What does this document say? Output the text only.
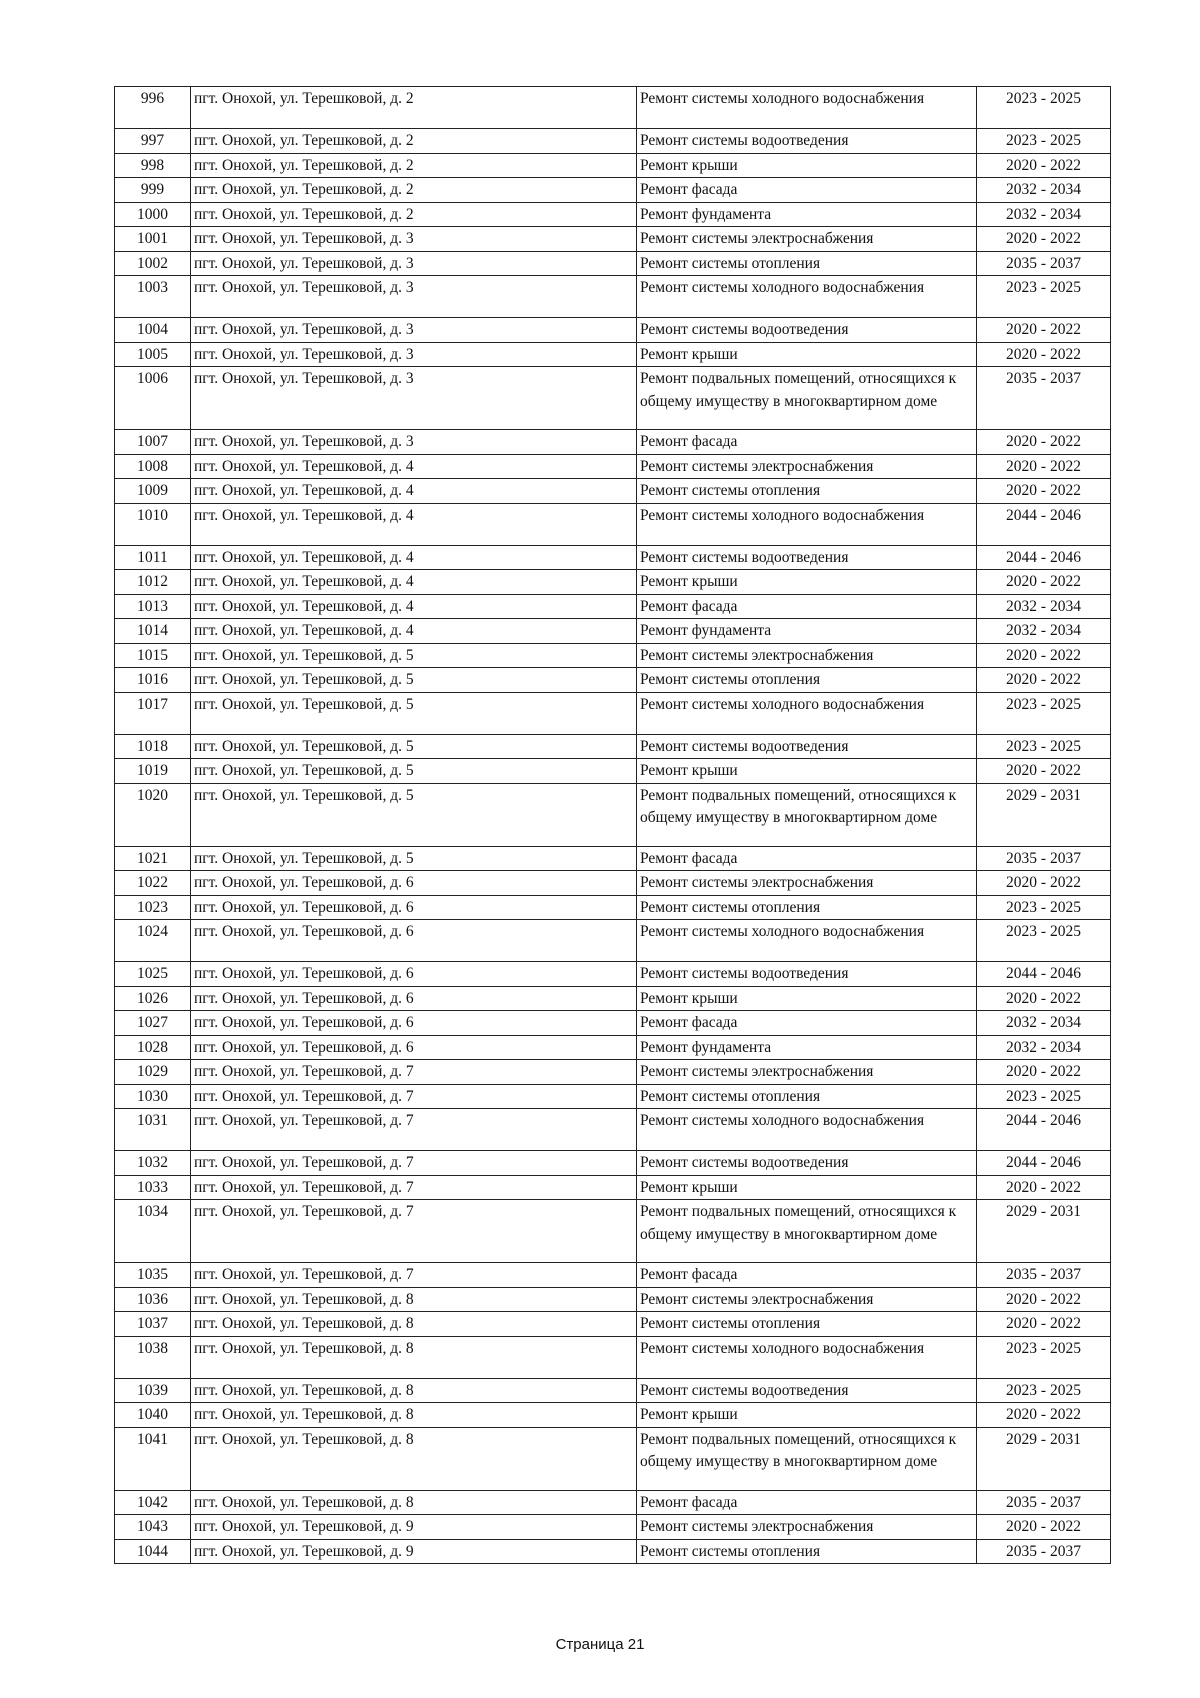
996	пгт. Онохой, ул. Терешковой, д. 2	Ремонт системы холодного водоснабжения	2023 - 2025
997	пгт. Онохой, ул. Терешковой, д. 2	Ремонт системы водоотведения	2023 - 2025
998	пгт. Онохой, ул. Терешковой, д. 2	Ремонт крыши	2020 - 2022
999	пгт. Онохой, ул. Терешковой, д. 2	Ремонт фасада	2032 - 2034
1000	пгт. Онохой, ул. Терешковой, д. 2	Ремонт фундамента	2032 - 2034
1001	пгт. Онохой, ул. Терешковой, д. 3	Ремонт системы электроснабжения	2020 - 2022
1002	пгт. Онохой, ул. Терешковой, д. 3	Ремонт системы отопления	2035 - 2037
1003	пгт. Онохой, ул. Терешковой, д. 3	Ремонт системы холодного водоснабжения	2023 - 2025
1004	пгт. Онохой, ул. Терешковой, д. 3	Ремонт системы водоотведения	2020 - 2022
1005	пгт. Онохой, ул. Терешковой, д. 3	Ремонт крыши	2020 - 2022
1006	пгт. Онохой, ул. Терешковой, д. 3	Ремонт подвальных помещений, относящихся к общему имуществу в многоквартирном доме	2035 - 2037
1007	пгт. Онохой, ул. Терешковой, д. 3	Ремонт фасада	2020 - 2022
1008	пгт. Онохой, ул. Терешковой, д. 4	Ремонт системы электроснабжения	2020 - 2022
1009	пгт. Онохой, ул. Терешковой, д. 4	Ремонт системы отопления	2020 - 2022
1010	пгт. Онохой, ул. Терешковой, д. 4	Ремонт системы холодного водоснабжения	2044 - 2046
1011	пгт. Онохой, ул. Терешковой, д. 4	Ремонт системы водоотведения	2044 - 2046
1012	пгт. Онохой, ул. Терешковой, д. 4	Ремонт крыши	2020 - 2022
1013	пгт. Онохой, ул. Терешковой, д. 4	Ремонт фасада	2032 - 2034
1014	пгт. Онохой, ул. Терешковой, д. 4	Ремонт фундамента	2032 - 2034
1015	пгт. Онохой, ул. Терешковой, д. 5	Ремонт системы электроснабжения	2020 - 2022
1016	пгт. Онохой, ул. Терешковой, д. 5	Ремонт системы отопления	2020 - 2022
1017	пгт. Онохой, ул. Терешковой, д. 5	Ремонт системы холодного водоснабжения	2023 - 2025
1018	пгт. Онохой, ул. Терешковой, д. 5	Ремонт системы водоотведения	2023 - 2025
1019	пгт. Онохой, ул. Терешковой, д. 5	Ремонт крыши	2020 - 2022
1020	пгт. Онохой, ул. Терешковой, д. 5	Ремонт подвальных помещений, относящихся к общему имуществу в многоквартирном доме	2029 - 2031
1021	пгт. Онохой, ул. Терешковой, д. 5	Ремонт фасада	2035 - 2037
1022	пгт. Онохой, ул. Терешковой, д. 6	Ремонт системы электроснабжения	2020 - 2022
1023	пгт. Онохой, ул. Терешковой, д. 6	Ремонт системы отопления	2023 - 2025
1024	пгт. Онохой, ул. Терешковой, д. 6	Ремонт системы холодного водоснабжения	2023 - 2025
1025	пгт. Онохой, ул. Терешковой, д. 6	Ремонт системы водоотведения	2044 - 2046
1026	пгт. Онохой, ул. Терешковой, д. 6	Ремонт крыши	2020 - 2022
1027	пгт. Онохой, ул. Терешковой, д. 6	Ремонт фасада	2032 - 2034
1028	пгт. Онохой, ул. Терешковой, д. 6	Ремонт фундамента	2032 - 2034
1029	пгт. Онохой, ул. Терешковой, д. 7	Ремонт системы электроснабжения	2020 - 2022
1030	пгт. Онохой, ул. Терешковой, д. 7	Ремонт системы отопления	2023 - 2025
1031	пгт. Онохой, ул. Терешковой, д. 7	Ремонт системы холодного водоснабжения	2044 - 2046
1032	пгт. Онохой, ул. Терешковой, д. 7	Ремонт системы водоотведения	2044 - 2046
1033	пгт. Онохой, ул. Терешковой, д. 7	Ремонт крыши	2020 - 2022
1034	пгт. Онохой, ул. Терешковой, д. 7	Ремонт подвальных помещений, относящихся к общему имуществу в многоквартирном доме	2029 - 2031
1035	пгт. Онохой, ул. Терешковой, д. 7	Ремонт фасада	2035 - 2037
1036	пгт. Онохой, ул. Терешковой, д. 8	Ремонт системы электроснабжения	2020 - 2022
1037	пгт. Онохой, ул. Терешковой, д. 8	Ремонт системы отопления	2020 - 2022
1038	пгт. Онохой, ул. Терешковой, д. 8	Ремонт системы холодного водоснабжения	2023 - 2025
1039	пгт. Онохой, ул. Терешковой, д. 8	Ремонт системы водоотведения	2023 - 2025
1040	пгт. Онохой, ул. Терешковой, д. 8	Ремонт крыши	2020 - 2022
1041	пгт. Онохой, ул. Терешковой, д. 8	Ремонт подвальных помещений, относящихся к общему имуществу в многоквартирном доме	2029 - 2031
1042	пгт. Онохой, ул. Терешковой, д. 8	Ремонт фасада	2035 - 2037
1043	пгт. Онохой, ул. Терешковой, д. 9	Ремонт системы электроснабжения	2020 - 2022
1044	пгт. Онохой, ул. Терешковой, д. 9	Ремонт системы отопления	2035 - 2037
Страница 21
